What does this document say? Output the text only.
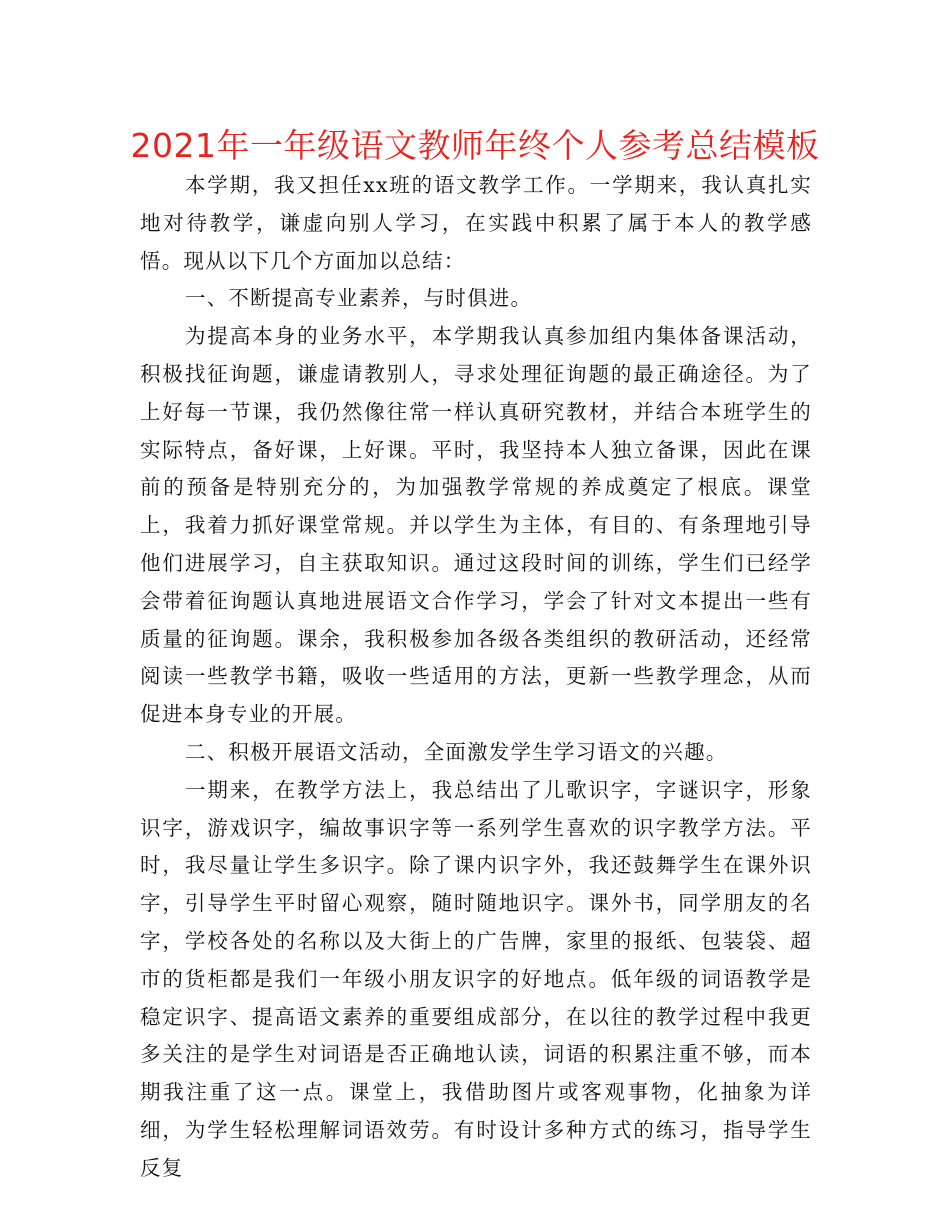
2021年一年级语文教师年终个人参考总结模板

本学期，我又担任xx班的语文教学工作。一学期来，我认真扎实地对待教学，谦虚向别人学习，在实践中积累了属于本人的教学感悟。现从以下几个方面加以总结：

一、不断提高专业素养，与时俱进。

为提高本身的业务水平，本学期我认真参加组内集体备课活动，积极找征询题，谦虚请教别人，寻求处理征询题的最正确途径。为了上好每一节课，我仍然像往常一样认真研究教材，并结合本班学生的实际特点，备好课，上好课。平时，我坚持本人独立备课，因此在课前的预备是特别充分的，为加强教学常规的养成奠定了根底。课堂上，我着力抓好课堂常规。并以学生为主体，有目的、有条理地引导他们进展学习，自主获取知识。通过这段时间的训练，学生们已经学会带着征询题认真地进展语文合作学习，学会了针对文本提出一些有质量的征询题。课余，我积极参加各级各类组织的教研活动，还经常阅读一些教学书籍，吸收一些适用的方法，更新一些教学理念，从而促进本身专业的开展。

二、积极开展语文活动，全面激发学生学习语文的兴趣。

一期来，在教学方法上，我总结出了儿歌识字，字谜识字，形象识字，游戏识字，编故事识字等一系列学生喜欢的识字教学方法。平时，我尽量让学生多识字。除了课内识字外，我还鼓舞学生在课外识字，引导学生平时留心观察，随时随地识字。课外书，同学朋友的名字，学校各处的名称以及大街上的广告牌，家里的报纸、包装袋、超市的货柜都是我们一年级小朋友识字的好地点。低年级的词语教学是稳定识字、提高语文素养的重要组成部分，在以往的教学过程中我更多关注的是学生对词语是否正确地认读，词语的积累注重不够，而本期我注重了这一点。课堂上，我借助图片或客观事物，化抽象为详细，为学生轻松理解词语效劳。有时设计多种方式的练习，指导学生反复
